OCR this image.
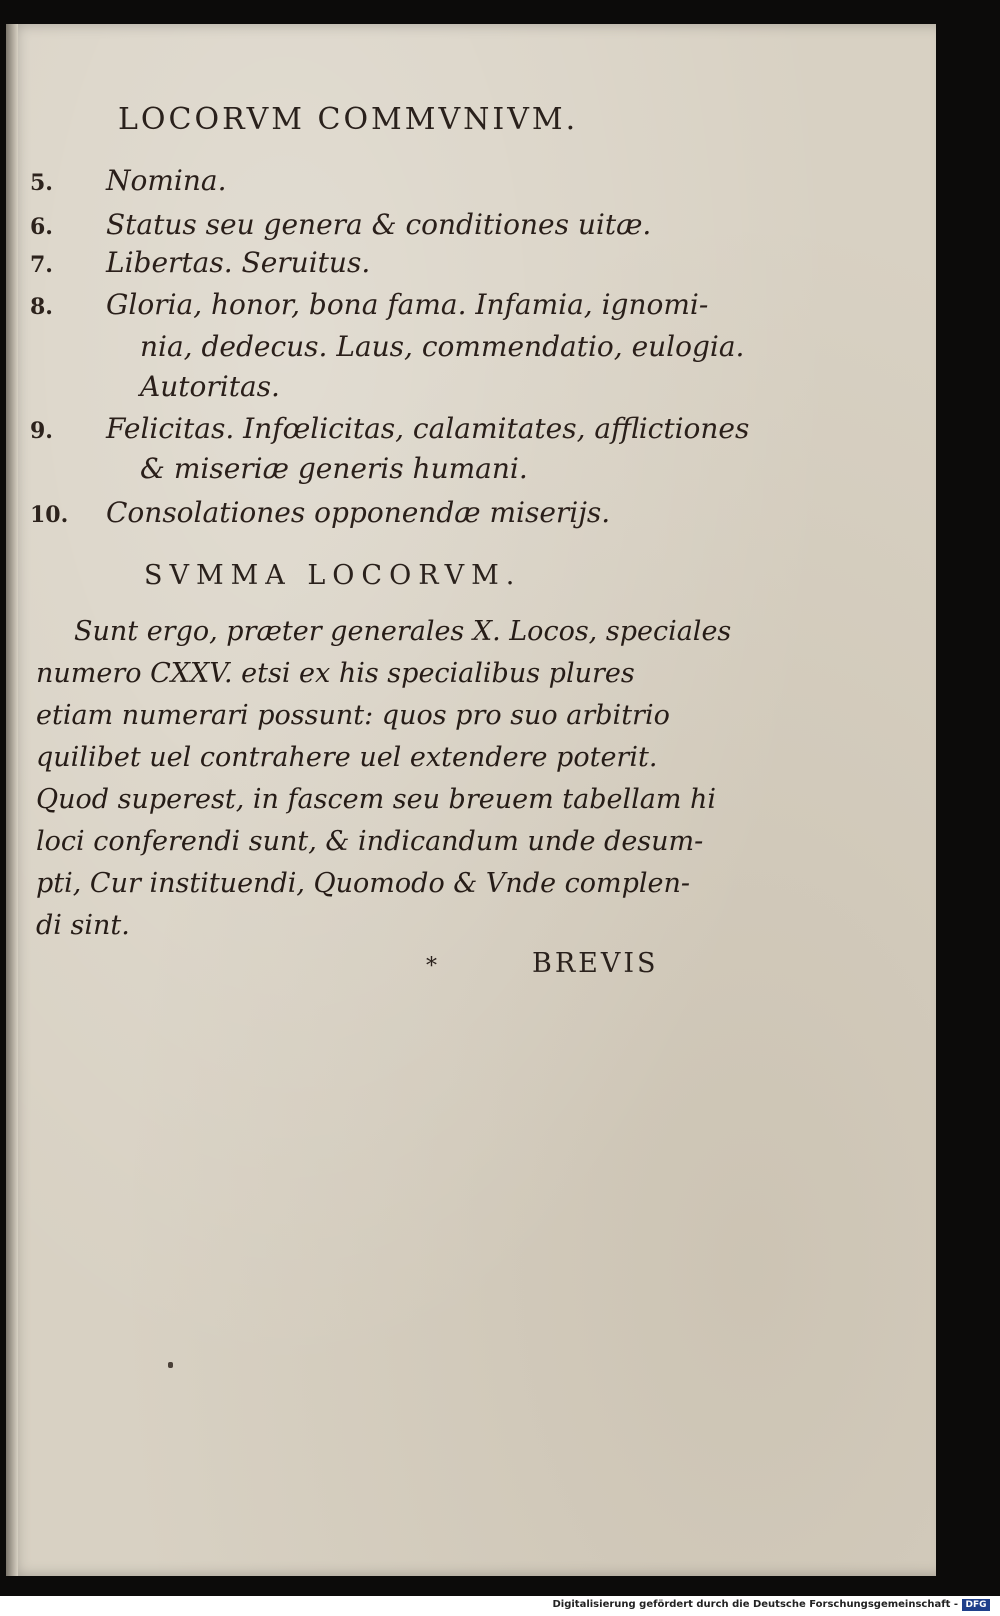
LOCORVM COMMVNIVM.
5.	Nomina.
6.	Status seu genera & conditiones uitæ.
7.	Libertas. Seruitus.
8.	Gloria, honor, bona fama. Infamia, ignomi-
nia, dedecus. Laus, commendatio, eulogia.
Autoritas.
9.	Felicitas. Infœlicitas, calamitates, afflictiones
& miseriæ generis humani.
10.	Consolationes opponendæ miserijs.
SVMMA LOCORVM.
Sunt ergo, præter generales X. Locos, speciales
numero CXXV. etsi ex his specialibus plures
etiam numerari possunt: quos pro suo arbitrio
quilibet uel contrahere uel extendere poterit.
Quod superest, in fascem seu breuem tabellam hi
loci conferendi sunt, & indicandum unde desum-
pti, Cur instituendi, Quomodo & Vnde complen-
di sint.
*	BREVIS
Digitalisierung gefördert durch die Deutsche Forschungsgemeinschaft - DFG
